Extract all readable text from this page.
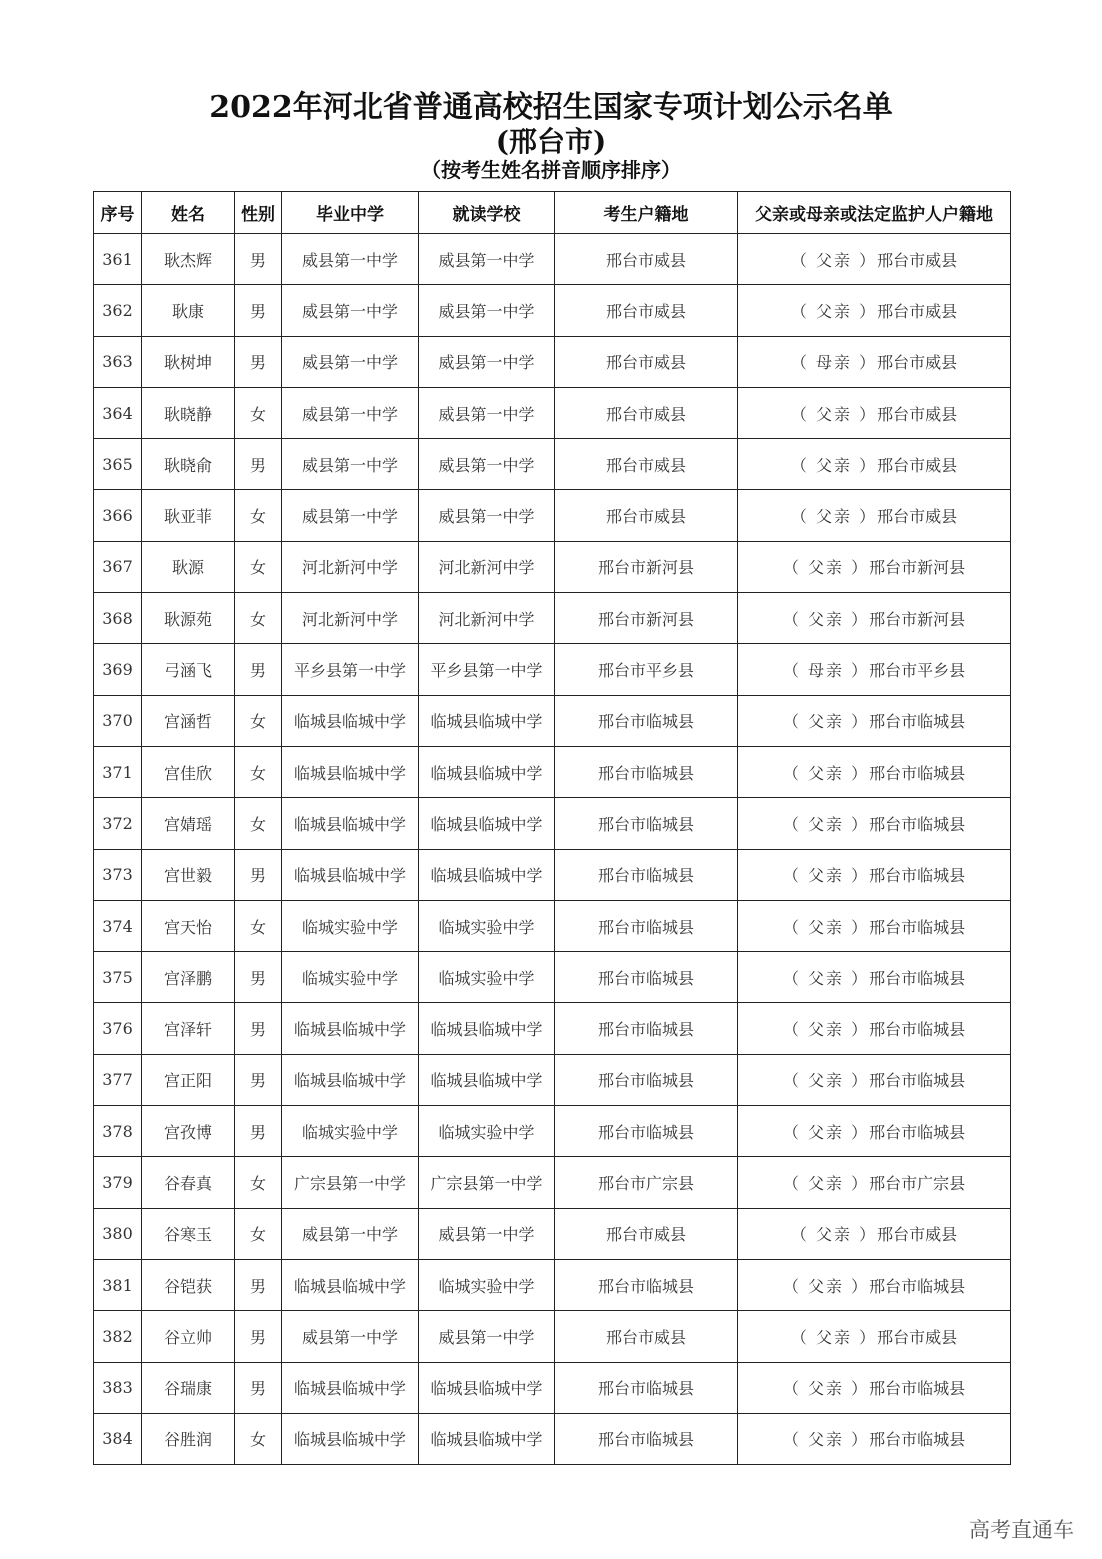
2022年河北省普通高校招生国家专项计划公示名单
(邢台市)
（按考生姓名拼音顺序排序）
序号	姓名	性别	毕业中学	就读学校	考生户籍地	父亲或母亲或法定监护人户籍地
361	耿杰辉	男	威县第一中学	威县第一中学	邢台市威县	（ 父亲 ）邢台市威县
362	耿康	男	威县第一中学	威县第一中学	邢台市威县	（ 父亲 ）邢台市威县
363	耿树坤	男	威县第一中学	威县第一中学	邢台市威县	（ 母亲 ）邢台市威县
364	耿晓静	女	威县第一中学	威县第一中学	邢台市威县	（ 父亲 ）邢台市威县
365	耿晓俞	男	威县第一中学	威县第一中学	邢台市威县	（ 父亲 ）邢台市威县
366	耿亚菲	女	威县第一中学	威县第一中学	邢台市威县	（ 父亲 ）邢台市威县
367	耿源	女	河北新河中学	河北新河中学	邢台市新河县	（ 父亲 ）邢台市新河县
368	耿源苑	女	河北新河中学	河北新河中学	邢台市新河县	（ 父亲 ）邢台市新河县
369	弓涵飞	男	平乡县第一中学	平乡县第一中学	邢台市平乡县	（ 母亲 ）邢台市平乡县
370	宫涵哲	女	临城县临城中学	临城县临城中学	邢台市临城县	（ 父亲 ）邢台市临城县
371	宫佳欣	女	临城县临城中学	临城县临城中学	邢台市临城县	（ 父亲 ）邢台市临城县
372	宫婧瑶	女	临城县临城中学	临城县临城中学	邢台市临城县	（ 父亲 ）邢台市临城县
373	宫世毅	男	临城县临城中学	临城县临城中学	邢台市临城县	（ 父亲 ）邢台市临城县
374	宫天怡	女	临城实验中学	临城实验中学	邢台市临城县	（ 父亲 ）邢台市临城县
375	宫泽鹏	男	临城实验中学	临城实验中学	邢台市临城县	（ 父亲 ）邢台市临城县
376	宫泽轩	男	临城县临城中学	临城县临城中学	邢台市临城县	（ 父亲 ）邢台市临城县
377	宫正阳	男	临城县临城中学	临城县临城中学	邢台市临城县	（ 父亲 ）邢台市临城县
378	宫孜博	男	临城实验中学	临城实验中学	邢台市临城县	（ 父亲 ）邢台市临城县
379	谷春真	女	广宗县第一中学	广宗县第一中学	邢台市广宗县	（ 父亲 ）邢台市广宗县
380	谷寒玉	女	威县第一中学	威县第一中学	邢台市威县	（ 父亲 ）邢台市威县
381	谷铠获	男	临城县临城中学	临城实验中学	邢台市临城县	（ 父亲 ）邢台市临城县
382	谷立帅	男	威县第一中学	威县第一中学	邢台市威县	（ 父亲 ）邢台市威县
383	谷瑞康	男	临城县临城中学	临城县临城中学	邢台市临城县	（ 父亲 ）邢台市临城县
384	谷胜润	女	临城县临城中学	临城县临城中学	邢台市临城县	（ 父亲 ）邢台市临城县
高考直通车
